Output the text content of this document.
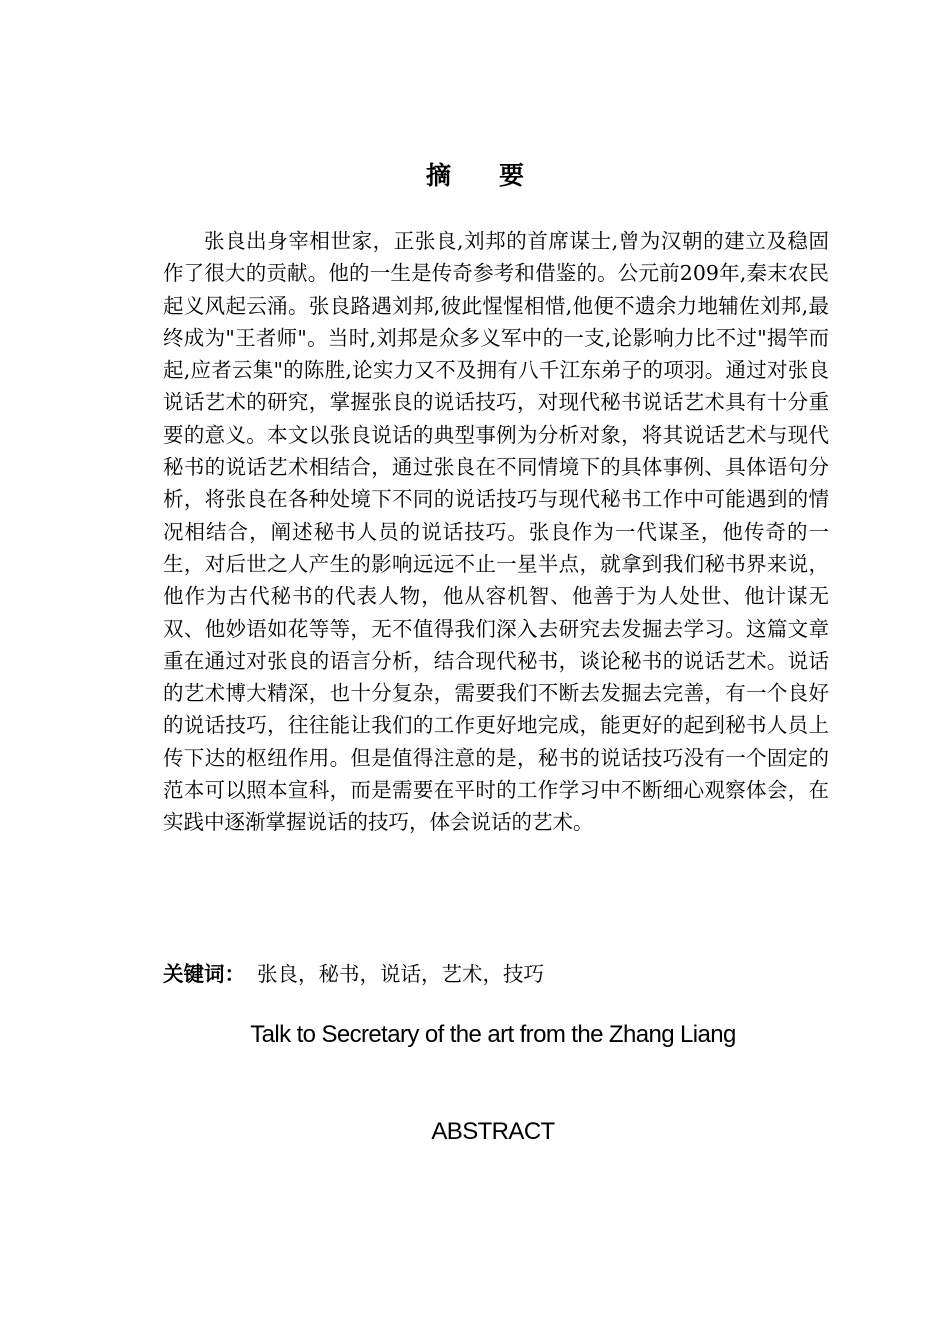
摘要

张良出身宰相世家，正张良,刘邦的首席谋士,曾为汉朝的建立及稳固作了很大的贡献。他的一生是传奇参考和借鉴的。公元前209年,秦末农民起义风起云涌。张良路遇刘邦,彼此惺惺相惜,他便不遗余力地辅佐刘邦,最终成为"王者师"。当时,刘邦是众多义军中的一支,论影响力比不过"揭竿而起,应者云集"的陈胜,论实力又不及拥有八千江东弟子的项羽。通过对张良说话艺术的研究，掌握张良的说话技巧，对现代秘书说话艺术具有十分重要的意义。本文以张良说话的典型事例为分析对象，将其说话艺术与现代秘书的说话艺术相结合，通过张良在不同情境下的具体事例、具体语句分析，将张良在各种处境下不同的说话技巧与现代秘书工作中可能遇到的情况相结合，阐述秘书人员的说话技巧。张良作为一代谋圣，他传奇的一生，对后世之人产生的影响远远不止一星半点，就拿到我们秘书界来说，他作为古代秘书的代表人物，他从容机智、他善于为人处世、他计谋无双、他妙语如花等等，无不值得我们深入去研究去发掘去学习。这篇文章重在通过对张良的语言分析，结合现代秘书，谈论秘书的说话艺术。说话的艺术博大精深，也十分复杂，需要我们不断去发掘去完善，有一个良好的说话技巧，往往能让我们的工作更好地完成，能更好的起到秘书人员上传下达的枢纽作用。但是值得注意的是，秘书的说话技巧没有一个固定的范本可以照本宣科，而是需要在平时的工作学习中不断细心观察体会，在实践中逐渐掌握说话的技巧，体会说话的艺术。

关键词： 张良，秘书，说话，艺术，技巧
Talk to Secretary of the art from the Zhang Liang
ABSTRACT
